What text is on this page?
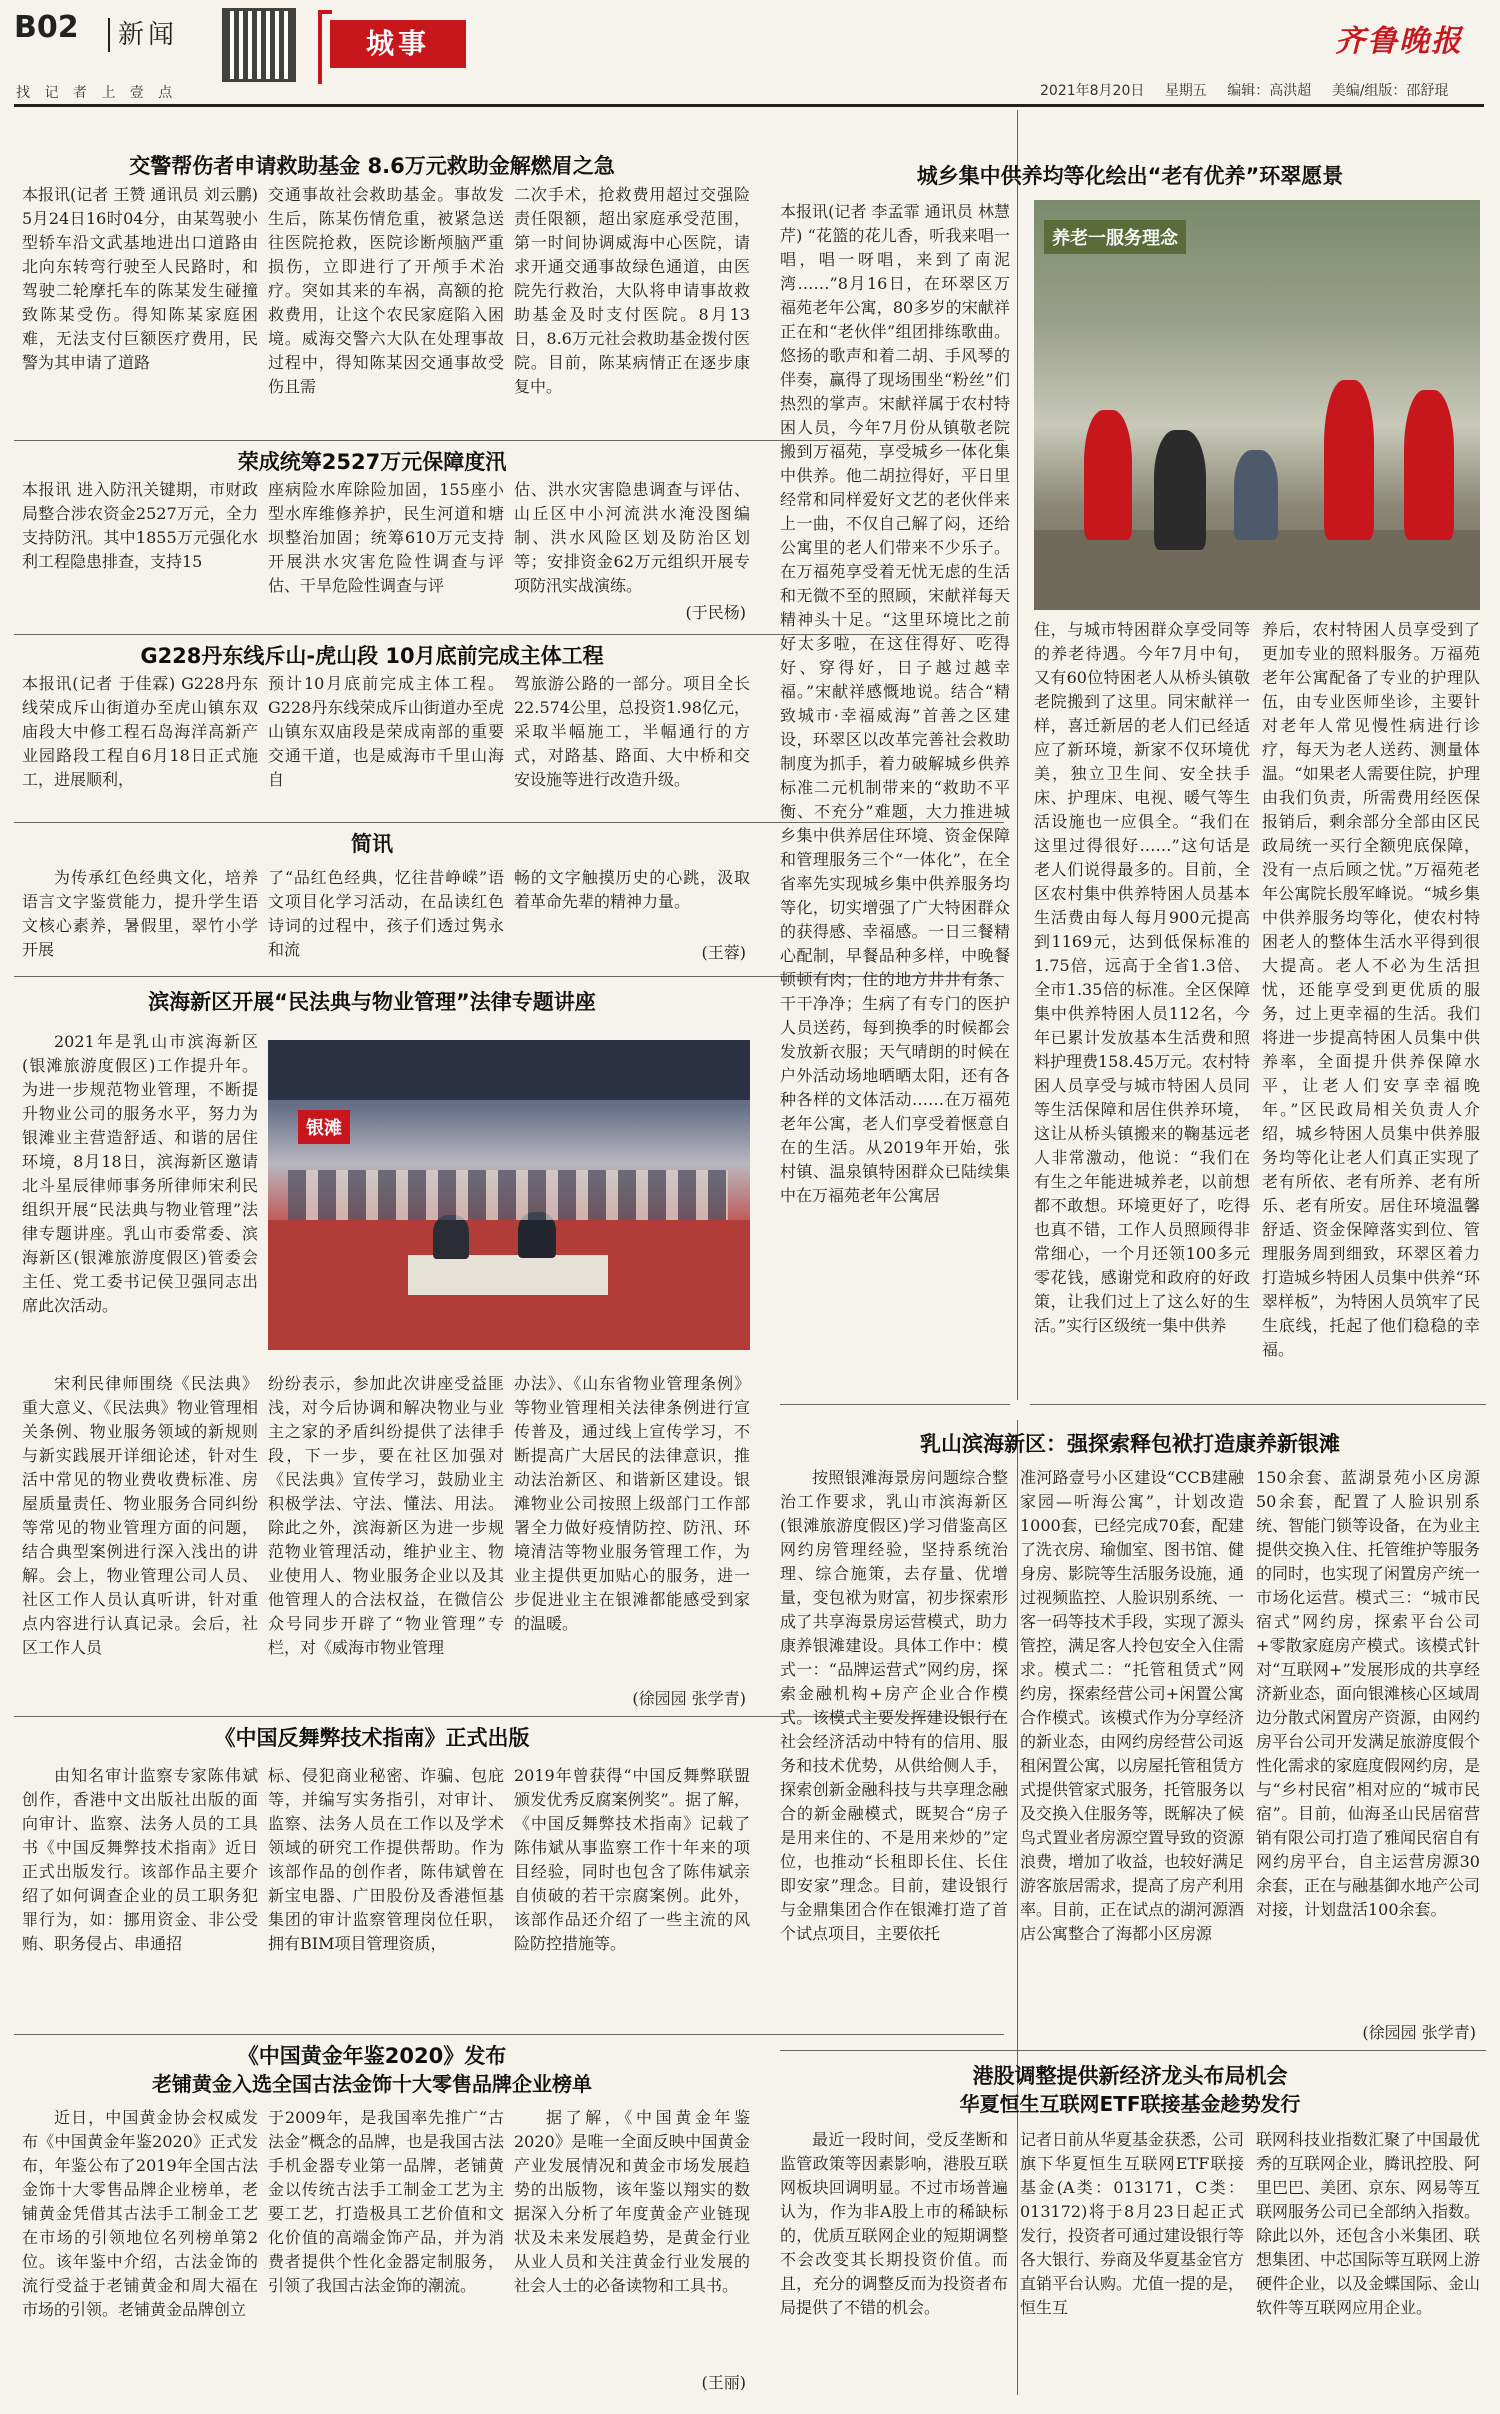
B02 新闻
找 记 者 上 壹 点
城事	齐鲁晚报
2021年8月20日 星期五 编辑：高洪超 美编/组版：邵舒琨
交警帮伤者申请救助基金 8.6万元救助金解燃眉之急

本报讯(记者 王赞 通讯员 刘云鹏) 5月24日16时04分，由某驾驶小型轿车沿文武基地进出口道路由北向东转弯行驶至人民路时，和驾驶二轮摩托车的陈某发生碰撞致陈某受伤。得知陈某家庭困难，无法支付巨额医疗费用，民警为其申请了道路

交通事故社会救助基金。事故发生后，陈某伤情危重，被紧急送往医院抢救，医院诊断颅脑严重损伤，立即进行了开颅手术治疗。突如其来的车祸，高额的抢救费用，让这个农民家庭陷入困境。威海交警六大队在处理事故过程中，得知陈某因交通事故受伤且需

二次手术，抢救费用超过交强险责任限额，超出家庭承受范围，第一时间协调威海中心医院，请求开通交通事故绿色通道，由医院先行救治，大队将申请事故救助基金及时支付医院。8月13日，8.6万元社会救助基金拨付医院。目前，陈某病情正在逐步康复中。

荣成统筹2527万元保障度汛

本报讯 进入防汛关键期，市财政局整合涉农资金2527万元，全力支持防汛。其中1855万元强化水利工程隐患排查，支持15

座病险水库除险加固，155座小型水库维修养护，民生河道和塘坝整治加固；统筹610万元支持开展洪水灾害危险性调查与评估、干旱危险性调查与评

估、洪水灾害隐患调查与评估、山丘区中小河流洪水淹没图编制、洪水风险区划及防治区划等；安排资金62万元组织开展专项防汛实战演练。

(于民杨)
G228丹东线斥山-虎山段 10月底前完成主体工程

本报讯(记者 于佳霖) G228丹东线荣成斥山街道办至虎山镇东双庙段大中修工程石岛海洋高新产业园路段工程自6月18日正式施工，进展顺利，

预计10月底前完成主体工程。G228丹东线荣成斥山街道办至虎山镇东双庙段是荣成南部的重要交通干道，也是威海市千里山海自

驾旅游公路的一部分。项目全长22.574公里，总投资1.98亿元，采取半幅施工，半幅通行的方式，对路基、路面、大中桥和交安设施等进行改造升级。

简讯

为传承红色经典文化，培养语言文字鉴赏能力，提升学生语文核心素养，暑假里，翠竹小学开展

了“品红色经典，忆往昔峥嵘”语文项目化学习活动，在品读红色诗词的过程中，孩子们透过隽永和流

畅的文字触摸历史的心跳，汲取着革命先辈的精神力量。

(王蓉)
滨海新区开展“民法典与物业管理”法律专题讲座

2021年是乳山市滨海新区(银滩旅游度假区)工作提升年。为进一步规范物业管理，不断提升物业公司的服务水平，努力为银滩业主营造舒适、和谐的居住环境，8月18日，滨海新区邀请北斗星辰律师事务所律师宋利民组织开展“民法典与物业管理”法律专题讲座。乳山市委常委、滨海新区(银滩旅游度假区)管委会主任、党工委书记侯卫强同志出席此次活动。

银滩

宋利民律师围绕《民法典》重大意义、《民法典》物业管理相关条例、物业服务领域的新规则与新实践展开详细论述，针对生活中常见的物业费收费标准、房屋质量责任、物业服务合同纠纷等常见的物业管理方面的问题，结合典型案例进行深入浅出的讲解。会上，物业管理公司人员、社区工作人员认真听讲，针对重点内容进行认真记录。会后，社区工作人员

纷纷表示，参加此次讲座受益匪浅，对今后协调和解决物业与业主之家的矛盾纠纷提供了法律手段，下一步，要在社区加强对《民法典》宣传学习，鼓励业主积极学法、守法、懂法、用法。除此之外，滨海新区为进一步规范物业管理活动，维护业主、物业使用人、物业服务企业以及其他管理人的合法权益，在微信公众号同步开辟了“物业管理”专栏，对《威海市物业管理

办法》、《山东省物业管理条例》等物业管理相关法律条例进行宣传普及，通过线上宣传学习，不断提高广大居民的法律意识，推动法治新区、和谐新区建设。银滩物业公司按照上级部门工作部署全力做好疫情防控、防汛、环境清洁等物业服务管理工作，为业主提供更加贴心的服务，进一步促进业主在银滩都能感受到家的温暖。

(徐园园 张学青)
《中国反舞弊技术指南》正式出版

由知名审计监察专家陈伟斌创作，香港中文出版社出版的面向审计、监察、法务人员的工具书《中国反舞弊技术指南》近日正式出版发行。该部作品主要介绍了如何调查企业的员工职务犯罪行为，如：挪用资金、非公受贿、职务侵占、串通招

标、侵犯商业秘密、诈骗、包庇等，并编写实务指引，对审计、监察、法务人员在工作以及学术领域的研究工作提供帮助。作为该部作品的创作者，陈伟斌曾在新宝电器、广田股份及香港恒基集团的审计监察管理岗位任职，拥有BIM项目管理资质，

2019年曾获得“中国反舞弊联盟颁发优秀反腐案例奖”。据了解，《中国反舞弊技术指南》记载了陈伟斌从事监察工作十年来的项目经验，同时也包含了陈伟斌亲自侦破的若干宗腐案例。此外，该部作品还介绍了一些主流的风险防控措施等。

《中国黄金年鉴2020》发布
老铺黄金入选全国古法金饰十大零售品牌企业榜单

近日，中国黄金协会权威发布《中国黄金年鉴2020》正式发布，年鉴公布了2019年全国古法金饰十大零售品牌企业榜单，老铺黄金凭借其古法手工制金工艺在市场的引领地位名列榜单第2位。该年鉴中介绍，古法金饰的流行受益于老铺黄金和周大福在市场的引领。老铺黄金品牌创立

于2009年，是我国率先推广“古法金”概念的品牌，也是我国古法手机金器专业第一品牌，老铺黄金以传统古法手工制金工艺为主要工艺，打造极具工艺价值和文化价值的高端金饰产品，并为消费者提供个性化金器定制服务，引领了我国古法金饰的潮流。

据了解，《中国黄金年鉴2020》是唯一全面反映中国黄金产业发展情况和黄金市场发展趋势的出版物，该年鉴以翔实的数据深入分析了年度黄金产业链现状及未来发展趋势，是黄金行业从业人员和关注黄金行业发展的社会人士的必备读物和工具书。

(王丽)
城乡集中供养均等化绘出“老有优养”环翠愿景

本报讯(记者 李孟霏 通讯员 林慧芹) “花篮的花儿香，听我来唱一唱，唱一呀唱，来到了南泥湾……”8月16日，在环翠区万福苑老年公寓，80多岁的宋献祥正在和“老伙伴”组团排练歌曲。悠扬的歌声和着二胡、手风琴的伴奏，赢得了现场围坐“粉丝”们热烈的掌声。宋献祥属于农村特困人员，今年7月份从镇敬老院搬到万福苑，享受城乡一体化集中供养。他二胡拉得好，平日里经常和同样爱好文艺的老伙伴来上一曲，不仅自己解了闷，还给公寓里的老人们带来不少乐子。在万福苑享受着无忧无虑的生活和无微不至的照顾，宋献祥每天精神头十足。“这里环境比之前好太多啦，在这住得好、吃得好、穿得好，日子越过越幸福。”宋献祥感慨地说。结合“精致城市·幸福威海”首善之区建设，环翠区以改革完善社会救助制度为抓手，着力破解城乡供养标准二元机制带来的“救助不平衡、不充分”难题，大力推进城乡集中供养居住环境、资金保障和管理服务三个“一体化”，在全省率先实现城乡集中供养服务均等化，切实增强了广大特困群众的获得感、幸福感。一日三餐精心配制，早餐品种多样，中晚餐顿顿有肉；住的地方井井有条、干干净净；生病了有专门的医护人员送药，每到换季的时候都会发放新衣服；天气晴朗的时候在户外活动场地晒晒太阳，还有各种各样的文体活动……在万福苑老年公寓，老人们享受着惬意自在的生活。从2019年开始，张村镇、温泉镇特困群众已陆续集中在万福苑老年公寓居

养老一服务理念

住，与城市特困群众享受同等的养老待遇。今年7月中旬，又有60位特困老人从桥头镇敬老院搬到了这里。同宋献祥一样，喜迁新居的老人们已经适应了新环境，新家不仅环境优美，独立卫生间、安全扶手床、护理床、电视、暖气等生活设施也一应俱全。“我们在这里过得很好……”这句话是老人们说得最多的。目前，全区农村集中供养特困人员基本生活费由每人每月900元提高到1169元，达到低保标准的1.75倍，远高于全省1.3倍、全市1.35倍的标准。全区保障集中供养特困人员112名，今年已累计发放基本生活费和照料护理费158.45万元。农村特困人员享受与城市特困人员同等生活保障和居住供养环境，这让从桥头镇搬来的鞠基远老人非常激动，他说：“我们在有生之年能进城养老，以前想都不敢想。环境更好了，吃得也真不错，工作人员照顾得非常细心，一个月还领100多元零花钱，感谢党和政府的好政策，让我们过上了这么好的生活。”实行区级统一集中供养

养后，农村特困人员享受到了更加专业的照料服务。万福苑老年公寓配备了专业的护理队伍，由专业医师坐诊，主要针对老年人常见慢性病进行诊疗，每天为老人送药、测量体温。“如果老人需要住院，护理由我们负责，所需费用经医保报销后，剩余部分全部由区民政局统一买行全额兜底保障，没有一点后顾之忧。”万福苑老年公寓院长殷军峰说。“城乡集中供养服务均等化，使农村特困老人的整体生活水平得到很大提高。老人不必为生活担忧，还能享受到更优质的服务，过上更幸福的生活。我们将进一步提高特困人员集中供养率，全面提升供养保障水平，让老人们安享幸福晚年。”区民政局相关负责人介绍，城乡特困人员集中供养服务均等化让老人们真正实现了老有所依、老有所养、老有所乐、老有所安。居住环境温馨舒适、资金保障落实到位、管理服务周到细致，环翠区着力打造城乡特困人员集中供养“环翠样板”，为特困人员筑牢了民生底线，托起了他们稳稳的幸福。

乳山滨海新区：强探索释包袱打造康养新银滩

按照银滩海景房问题综合整治工作要求，乳山市滨海新区(银滩旅游度假区)学习借鉴高区网约房管理经验，坚持系统治理、综合施策，去存量、优增量，变包袱为财富，初步探索形成了共享海景房运营模式，助力康养银滩建设。具体工作中：模式一：“品牌运营式”网约房，探索金融机构+房产企业合作模式。该模式主要发挥建设银行在社会经济活动中特有的信用、服务和技术优势，从供给侧人手，探索创新金融科技与共享理念融合的新金融模式，既契合“房子是用来住的、不是用来炒的”定位，也推动“长租即长住、长住即安家”理念。目前，建设银行与金鼎集团合作在银滩打造了首个试点项目，主要依托

准河路壹号小区建设“CCB建融家园—听海公寓”，计划改造1000套，已经完成70套，配建了洗衣房、瑜伽室、图书馆、健身房、影院等生活服务设施，通过视频监控、人脸识别系统、一客一码等技术手段，实现了源头管控，满足客人拎包安全入住需求。模式二：“托管租赁式”网约房，探索经营公司+闲置公寓合作模式。该模式作为分享经济的新业态，由网约房经营公司返租闲置公寓，以房屋托管租赁方式提供管家式服务，托管服务以及交换入住服务等，既解决了候鸟式置业者房源空置导致的资源浪费，增加了收益，也较好满足游客旅居需求，提高了房产利用率。目前，正在试点的湖河源酒店公寓整合了海都小区房源

150余套、蓝湖景苑小区房源50余套，配置了人脸识别系统、智能门锁等设备，在为业主提供交换入住、托管维护等服务的同时，也实现了闲置房产统一市场化运营。模式三：“城市民宿式”网约房，探索平台公司+零散家庭房产模式。该模式针对“互联网+”发展形成的共享经济新业态，面向银滩核心区域周边分散式闲置房产资源，由网约房平台公司开发满足旅游度假个性化需求的家庭度假网约房，是与“乡村民宿”相对应的“城市民宿”。目前，仙海圣山民居宿营销有限公司打造了雅闻民宿自有网约房平台，自主运营房源30余套，正在与融基御水地产公司对接，计划盘活100余套。

(徐园园 张学青)
港股调整提供新经济龙头布局机会
华夏恒生互联网ETF联接基金趁势发行

最近一段时间，受反垄断和监管政策等因素影响，港股互联网板块回调明显。不过市场普遍认为，作为非A股上市的稀缺标的，优质互联网企业的短期调整不会改变其长期投资价值。而且，充分的调整反而为投资者布局提供了不错的机会。

记者日前从华夏基金获悉，公司旗下华夏恒生互联网ETF联接基金(A类：013171，C类：013172)将于8月23日起正式发行，投资者可通过建设银行等各大银行、券商及华夏基金官方直销平台认购。尤值一提的是，恒生互

联网科技业指数汇聚了中国最优秀的互联网企业，腾讯控股、阿里巴巴、美团、京东、网易等互联网服务公司已全部纳入指数。除此以外，还包含小米集团、联想集团、中芯国际等互联网上游硬件企业，以及金蝶国际、金山软件等互联网应用企业。
